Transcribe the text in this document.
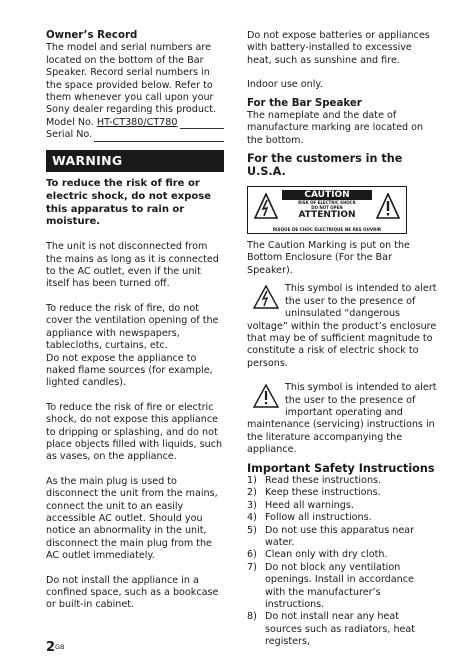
Owner’s Record

The model and serial numbers are located on the bottom of the Bar Speaker. Record serial numbers in the space provided below. Refer to them whenever you call upon your Sony dealer regarding this product.

Model No.
HT-CT380/CT780
Serial No.
WARNING

To reduce the risk of fire or electric shock, do not expose this apparatus to rain or moisture.

The unit is not disconnected from the mains as long as it is connected to the AC outlet, even if the unit itself has been turned off.

To reduce the risk of fire, do not cover the ventilation opening of the appliance with newspapers, tablecloths, curtains, etc.

Do not expose the appliance to naked flame sources (for example, lighted candles).

To reduce the risk of fire or electric shock, do not expose this appliance to dripping or splashing, and do not place objects filled with liquids, such as vases, on the appliance.

As the main plug is used to disconnect the unit from the mains, connect the unit to an easily accessible AC outlet. Should you notice an abnormality in the unit, disconnect the main plug from the AC outlet immediately.

Do not install the appliance in a confined space, such as a bookcase or built-in cabinet.

Do not expose batteries or appliances with battery-installed to excessive heat, such as sunshine and fire.

Indoor use only.

For the Bar Speaker

The nameplate and the date of manufacture marking are located on the bottom.

For the customers in the U.S.A.

CAUTION
RISK OF ELECTRIC SHOCK
DO NOT OPEN
ATTENTION
RISQUE DE CHOC ÉLECTRIQUE NE PAS OUVRIR

The Caution Marking is put on the Bottom Enclosure (For the Bar Speaker).

This symbol is intended to alert the user to the presence of uninsulated “dangerous voltage” within the product’s enclosure that may be of sufficient magnitude to constitute a risk of electric shock to persons.

This symbol is intended to alert the user to the presence of important operating and maintenance (servicing) instructions in the literature accompanying the appliance.

Important Safety Instructions

1) Read these instructions.
2) Keep these instructions.
3) Heed all warnings.
4) Follow all instructions.
5) Do not use this apparatus near water.
6) Clean only with dry cloth.
7) Do not block any ventilation openings. Install in accordance with the manufacturer’s instructions.
8) Do not install near any heat sources such as radiators, heat registers,
$2^{GB}$
